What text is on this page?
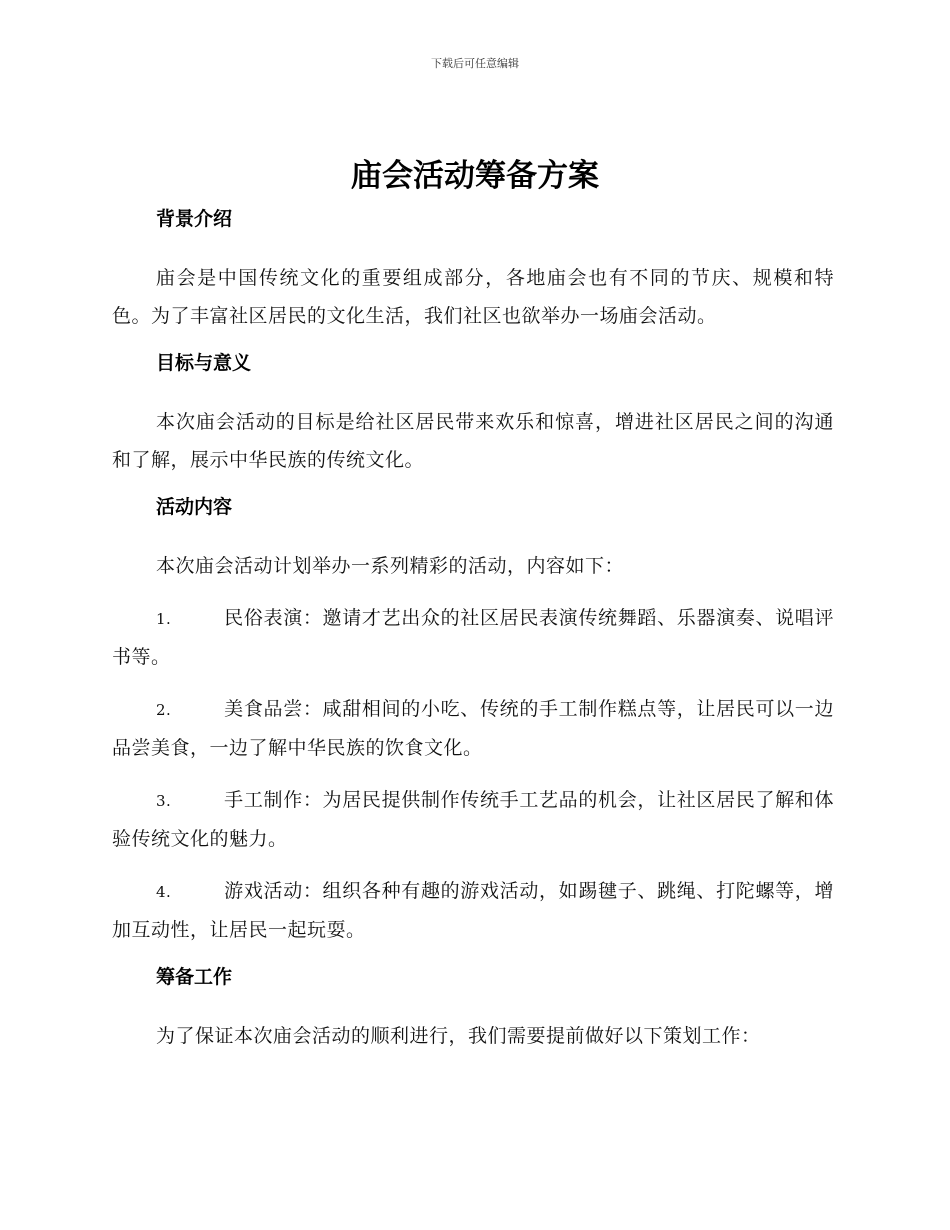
下载后可任意编辑
庙会活动筹备方案
背景介绍
庙会是中国传统文化的重要组成部分，各地庙会也有不同的节庆、规模和特色。为了丰富社区居民的文化生活，我们社区也欲举办一场庙会活动。
目标与意义
本次庙会活动的目标是给社区居民带来欢乐和惊喜，增进社区居民之间的沟通和了解，展示中华民族的传统文化。
活动内容
本次庙会活动计划举办一系列精彩的活动，内容如下：
1.	民俗表演：邀请才艺出众的社区居民表演传统舞蹈、乐器演奏、说唱评书等。
2.	美食品尝：咸甜相间的小吃、传统的手工制作糕点等，让居民可以一边品尝美食，一边了解中华民族的饮食文化。
3.	手工制作：为居民提供制作传统手工艺品的机会，让社区居民了解和体验传统文化的魅力。
4.	游戏活动：组织各种有趣的游戏活动，如踢毽子、跳绳、打陀螺等，增加互动性，让居民一起玩耍。
筹备工作
为了保证本次庙会活动的顺利进行，我们需要提前做好以下策划工作：
